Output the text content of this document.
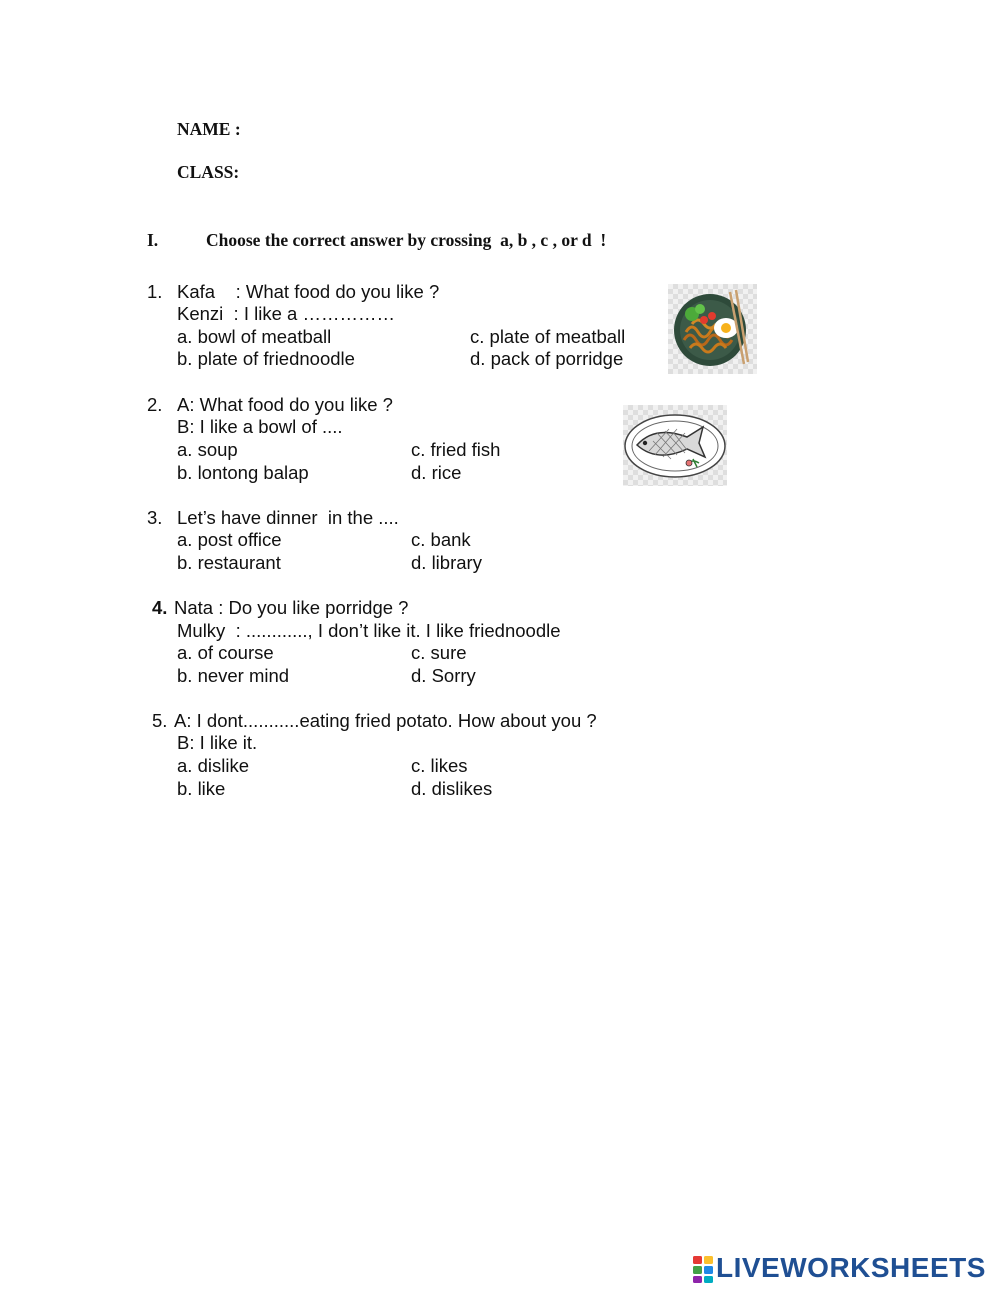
NAME :
CLASS:
I.	Choose the correct answer by crossing  a, b , c , or d  !
1. Kafa    : What food do you like ?
Kenzi  : I like a ……………
a. bowl of meatball
b. plate of friednoodle
c. plate of meatball
d. pack of porridge
2. A: What food do you like ?
B: I like a bowl of ....
a. soup
b. lontong balap
c. fried fish
d. rice
3. Let’s have dinner  in the ....
a. post office
b. restaurant
c. bank
d. library
4. Nata : Do you like porridge ?
Mulky  : ............, I don’t like it. I like friednoodle
a. of course
b. never mind
c. sure
d. Sorry
5. A: I dont...........eating fried potato. How about you ?
B: I like it.
a. dislike
b. like
c. likes
d. dislikes
LIVEWORKSHEETS
